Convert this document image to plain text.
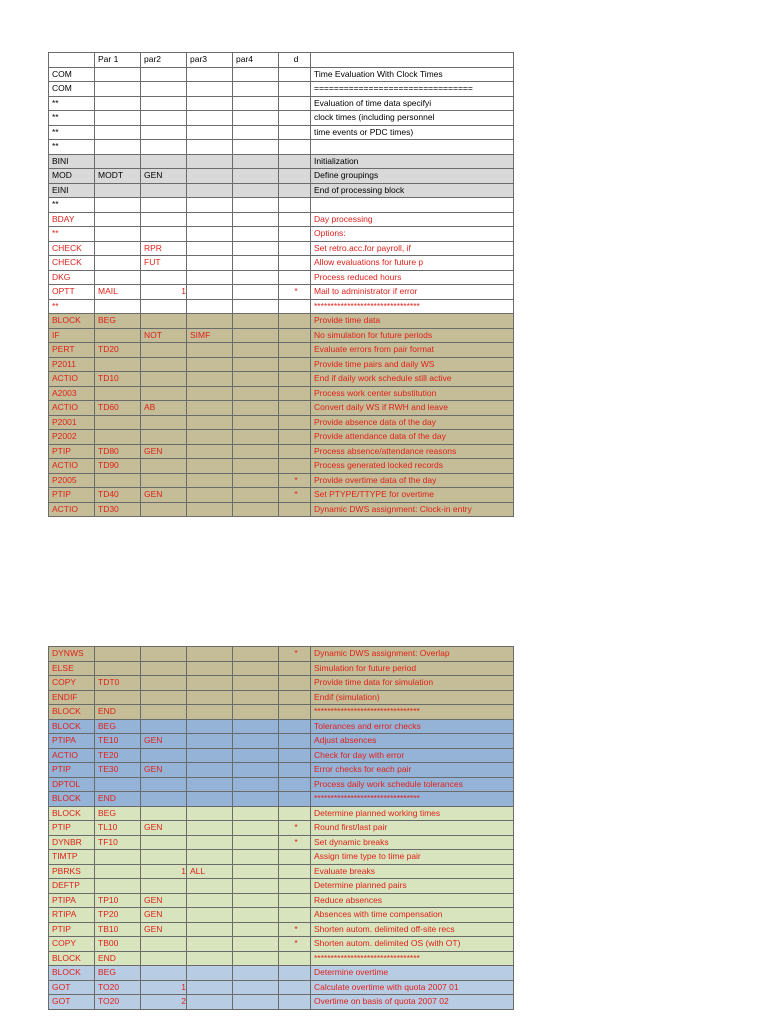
	Par 1	par2	par3	par4	d	
COM						Time Evaluation With Clock Times
COM						================================
**						Evaluation of time data specifyi
**						clock times (including personnel
**						time events or PDC times)
**						
BINI						Initialization
MOD	MODT	GEN				Define groupings
EINI						End of processing block
**						
BDAY						Day processing
**						Options:
CHECK		RPR				Set retro.acc.for payroll, if
CHECK		FUT				Allow evaluations for future p
DKG						Process reduced hours
OPTT	MAIL	1			*	Mail to administrator if error
**						********************************
BLOCK	BEG					Provide time data
IF		NOT	SIMF			No simulation for future periods
PERT	TD20					Evaluate errors from pair format
P2011						Provide time pairs and daily WS
ACTIO	TD10					End if daily work schedule still active
A2003						Process work center substitution
ACTIO	TD60	AB				Convert daily WS if RWH and leave
P2001						Provide absence data of the day
P2002						Provide attendance data of the day
PTIP	TD80	GEN				Process absence/attendance reasons
ACTIO	TD90					Process generated locked records
P2005					*	Provide overtime data of the day
PTIP	TD40	GEN			*	Set PTYPE/TTYPE for overtime
ACTIO	TD30					Dynamic DWS assignment: Clock-in entry
DYNWS					*	Dynamic DWS assignment: Overlap
ELSE						Simulation for future period
COPY	TDT0					Provide time data for simulation
ENDIF						Endif (simulation)
BLOCK	END					********************************
BLOCK	BEG					Tolerances and error checks
PTIPA	TE10	GEN				Adjust absences
ACTIO	TE20					Check for day with error
PTIP	TE30	GEN				Error checks for each pair
DPTOL						Process daily work schedule tolerances
BLOCK	END					********************************
BLOCK	BEG					Determine planned working times
PTIP	TL10	GEN			*	Round first/last pair
DYNBR	TF10				*	Set dynamic breaks
TIMTP						Assign time type to time pair
PBRKS		1	ALL			Evaluate breaks
DEFTP						Determine planned pairs
PTIPA	TP10	GEN				Reduce absences
RTIPA	TP20	GEN				Absences with time compensation
PTIP	TB10	GEN			*	Shorten autom. delimited off-site recs
COPY	TB00				*	Shorten autom. delimited OS (with OT)
BLOCK	END					********************************
BLOCK	BEG					Determine overtime
GOT	TO20	1				Calculate overtime with quota 2007 01
GOT	TO20	2				Overtime on basis of quota 2007 02
